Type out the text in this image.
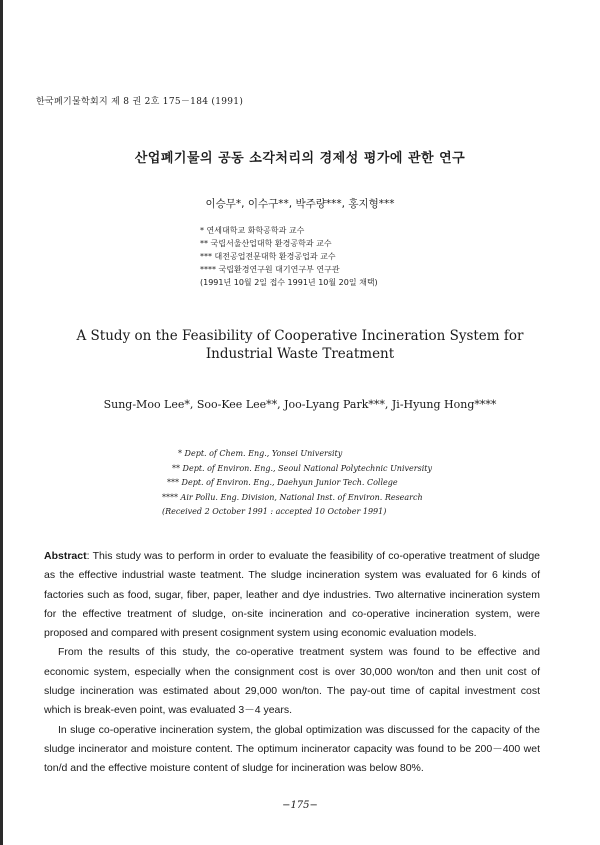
한국폐기물학회지 제 8 권 2호 175－184 (1991)
산업폐기물의 공동 소각처리의 경제성 평가에 관한 연구
이승무*, 이수구**, 박주량***, 홍지형***
* 연세대학교 화학공학과 교수
** 국립서울산업대학 환경공학과 교수
*** 대전공업전문대학 환경공업과 교수
**** 국립환경연구원 대기연구부 연구관
(1991년 10월 2일 접수 1991년 10월 20일 채택)
A Study on the Feasibility of Cooperative Incineration System for
Industrial Waste Treatment
Sung-Moo Lee*, Soo-Kee Lee**, Joo-Lyang Park***, Ji-Hyung Hong****
* Dept. of Chem. Eng., Yonsei University
** Dept. of Environ. Eng., Seoul National Polytechnic University
*** Dept. of Environ. Eng., Daehyun Junior Tech. College
**** Air Pollu. Eng. Division, National Inst. of Environ. Research
(Received 2 October 1991 : accepted 10 October 1991)

Abstract: This study was to perform in order to evaluate the feasibility of co-operative treatment of sludge as the effective industrial waste teatment. The sludge incineration system was evaluated for 6 kinds of factories such as food, sugar, fiber, paper, leather and dye industries. Two alternative incineration system for the effective treatment of sludge, on-site incineration and co-operative incineration system, were proposed and compared with present cosignment system using economic evaluation models.

From the results of this study, the co-operative treatment system was found to be effective and economic system, especially when the consignment cost is over 30,000 won/ton and then unit cost of sludge incineration was estimated about 29,000 won/ton. The pay-out time of capital investment cost which is break-even point, was evaluated 3－4 years.

In sluge co-operative incineration system, the global optimization was discussed for the capacity of the sludge incinerator and moisture content. The optimum incinerator capacity was found to be 200－400 wet ton/d and the effective moisture content of sludge for incineration was below 80%.

−175−
